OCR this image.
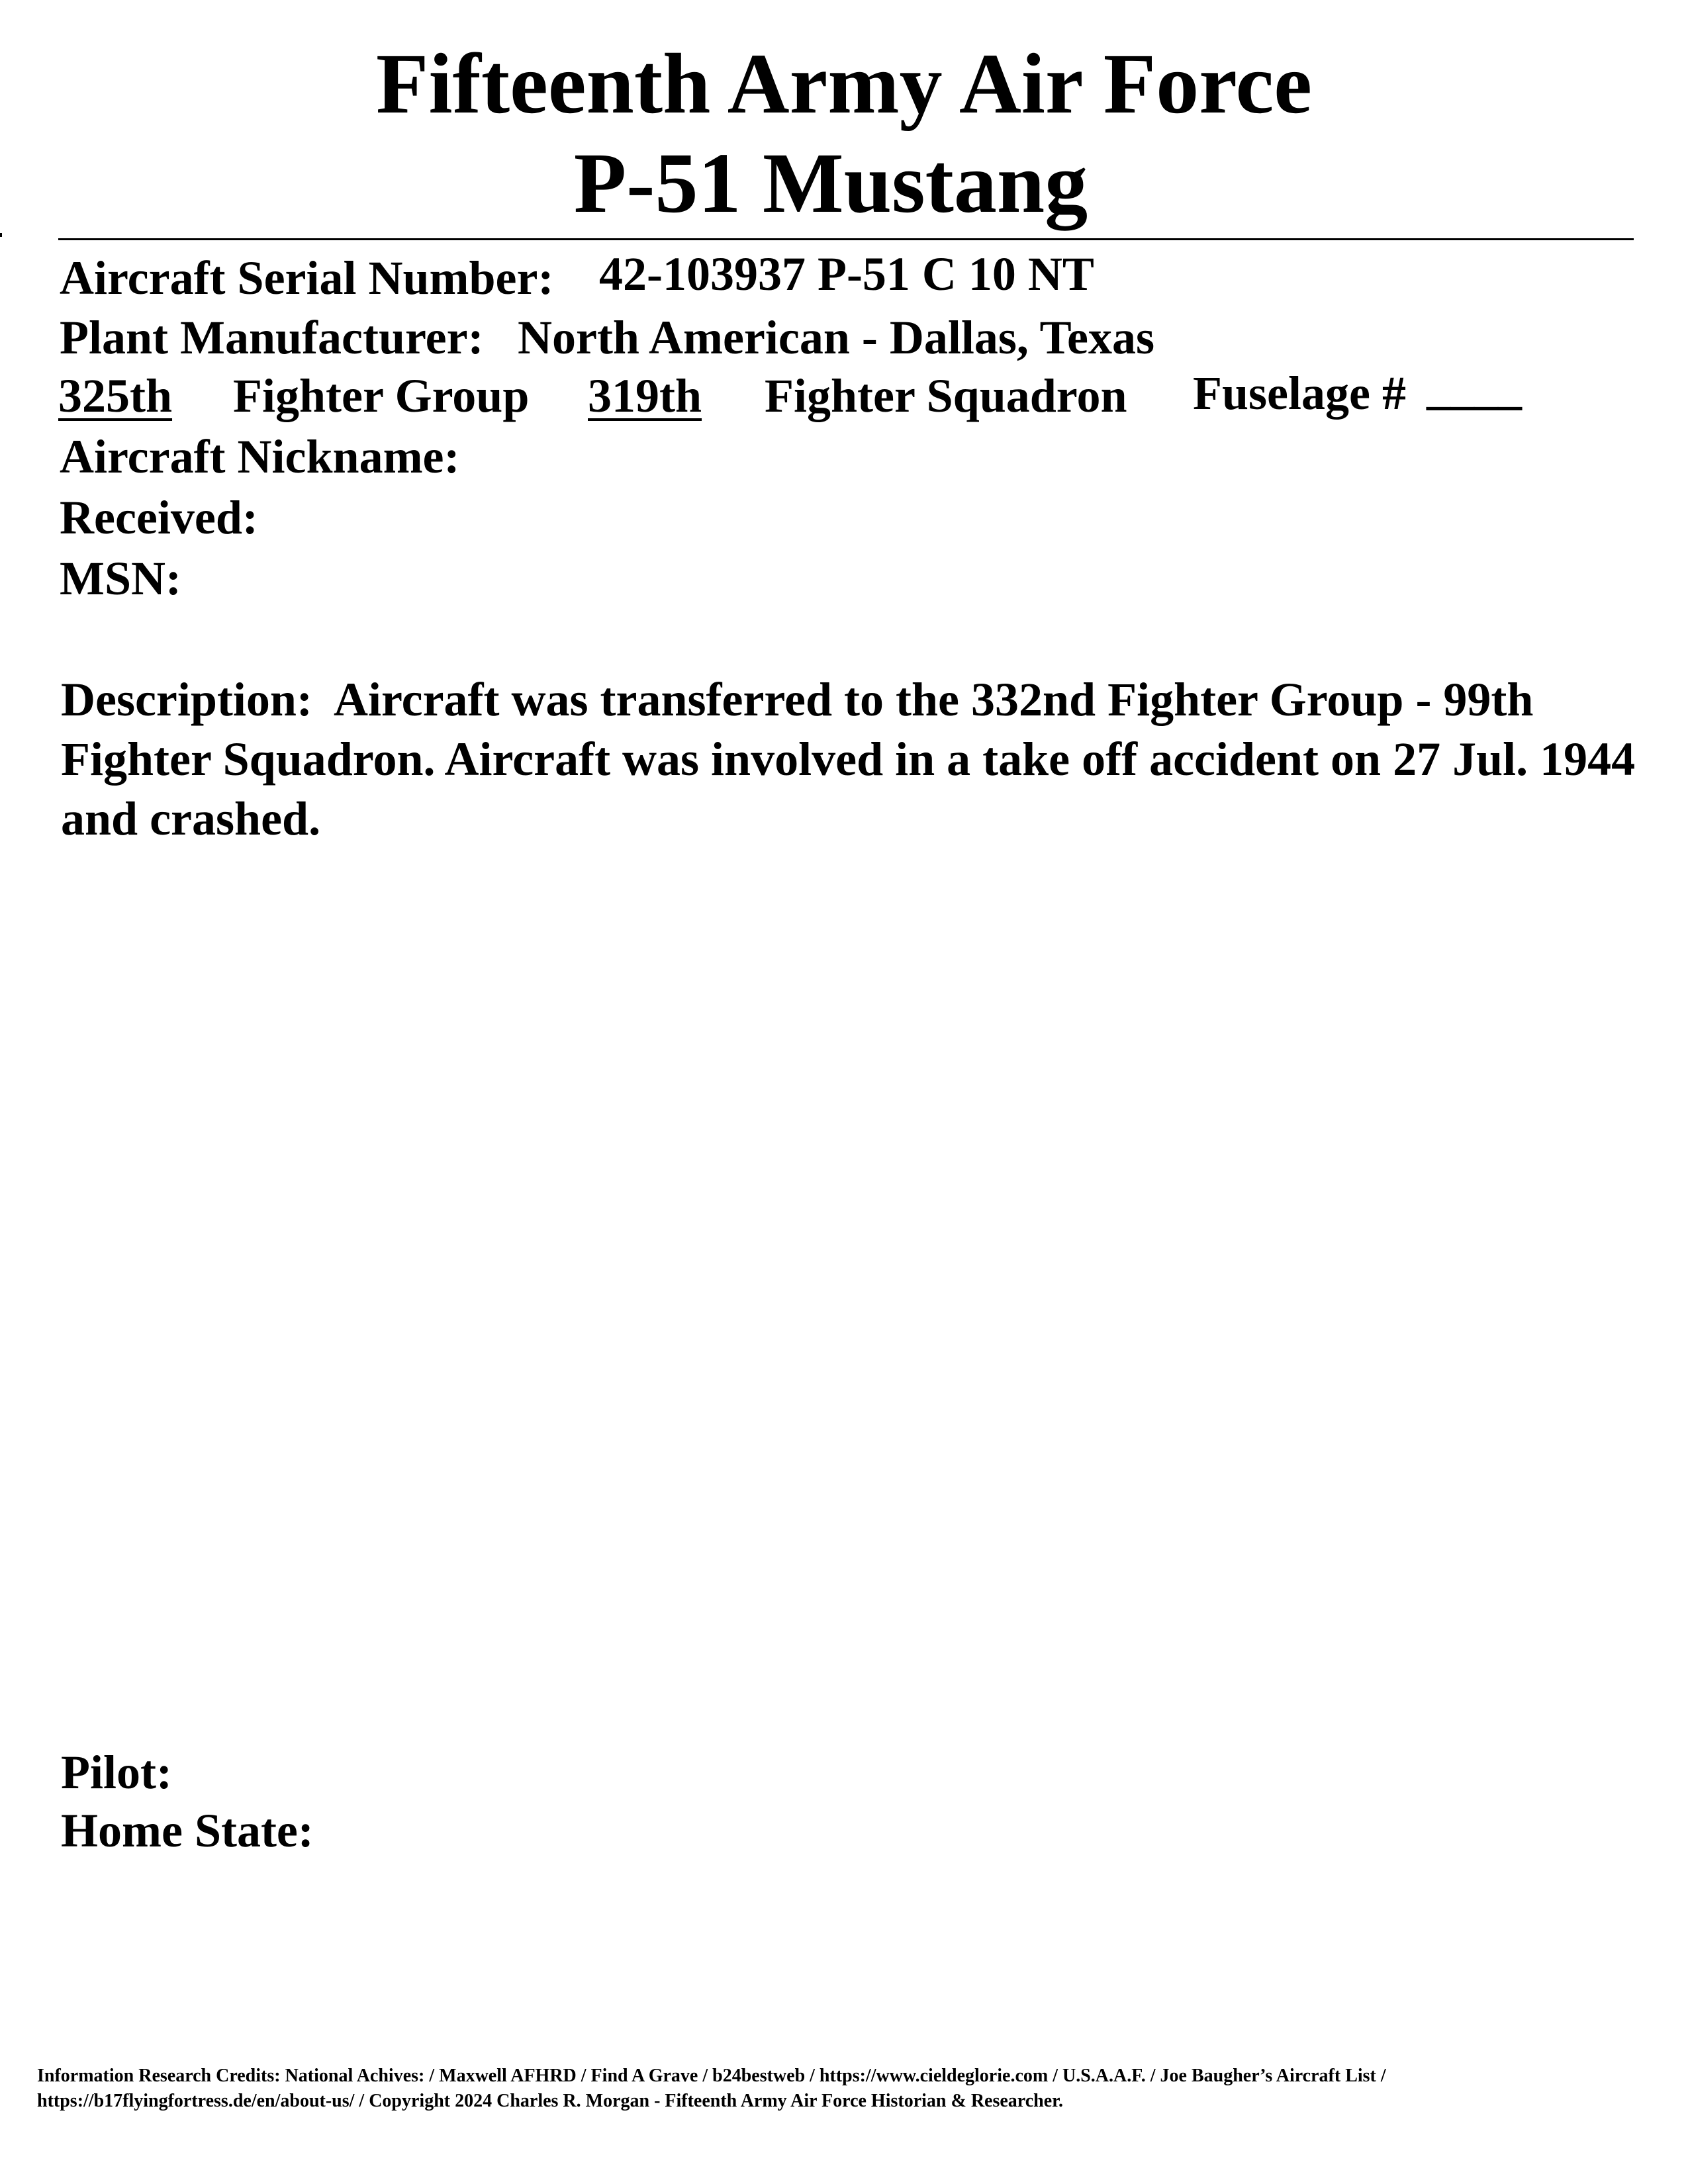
Fifteenth Army Air Force
P-51 Mustang
Aircraft Serial Number: 42-103937 P-51 C 10 NT
Plant Manufacturer: North American - Dallas, Texas
325th	Fighter Group 319th	Fighter Squadron Fuselage # ____
Aircraft Nickname:
Received:
MSN:
Description: Aircraft was transferred to the 332nd Fighter Group - 99th Fighter Squadron. Aircraft was involved in a take off accident on 27 Jul. 1944 and crashed.
Pilot:
Home State:
Information Research Credits: National Achives: / Maxwell AFHRD / Find A Grave / b24bestweb / https://www.cieldeglorie.com / U.S.A.A.F. / Joe Baugher’s Aircraft List /
https://b17flyingfortress.de/en/about-us/ / Copyright 2024 Charles R. Morgan - Fifteenth Army Air Force Historian & Researcher.
